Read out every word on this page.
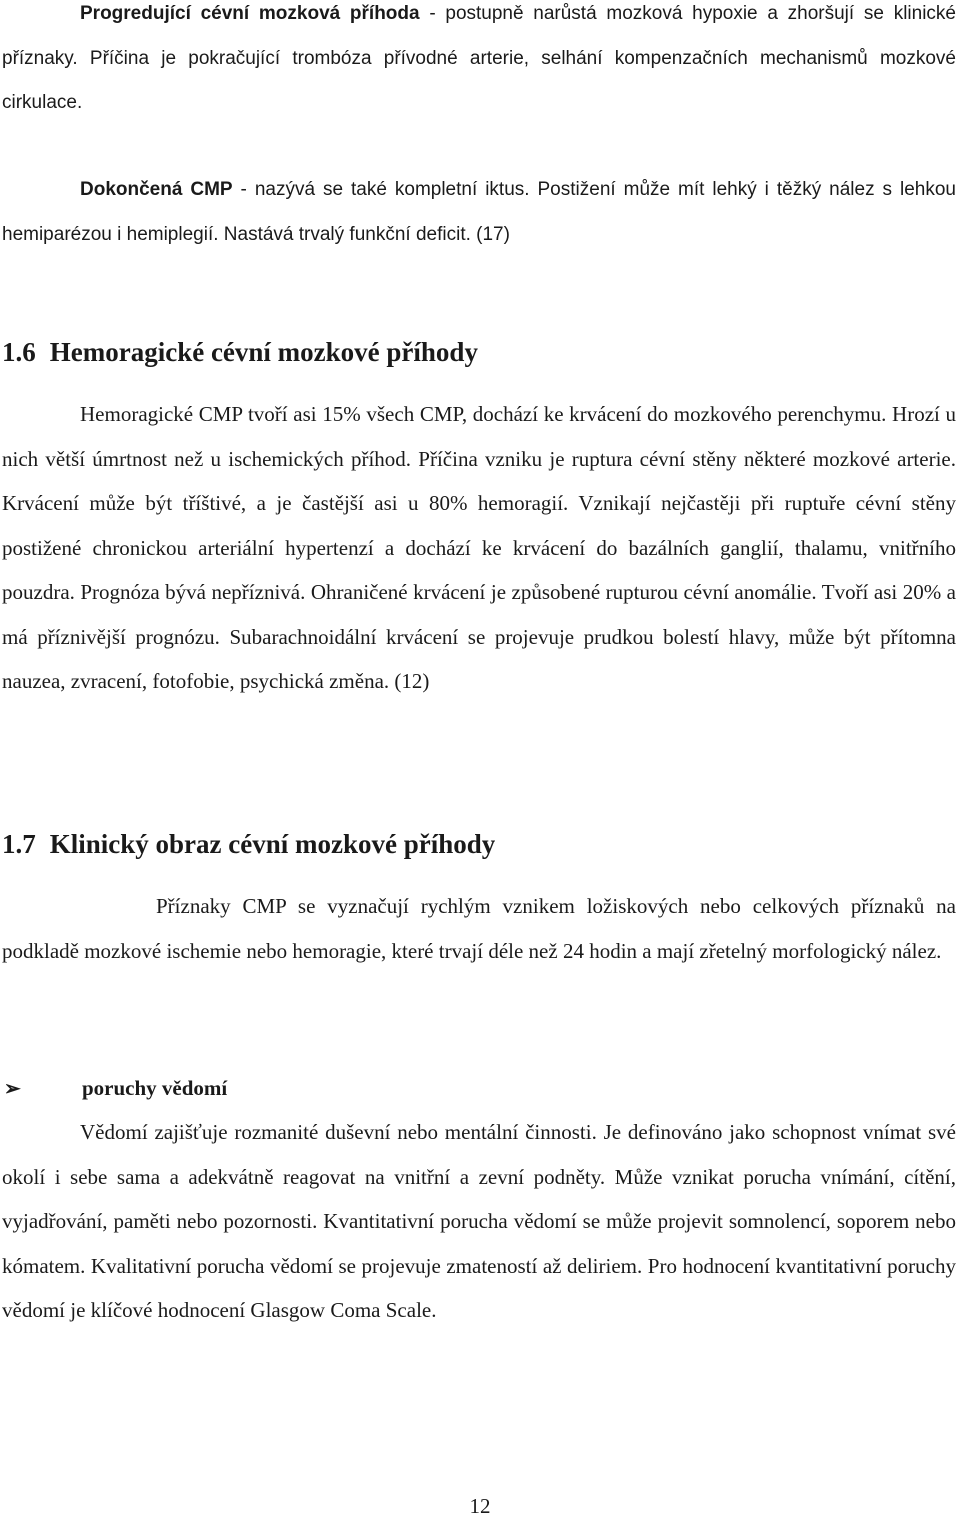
Progredující cévní mozková příhoda - postupně narůstá mozková hypoxie a zhoršují se klinické příznaky. Příčina je pokračující trombóza přívodné arterie, selhání kompenzačních mechanismů mozkové cirkulace.

Dokončená CMP - nazývá se také kompletní iktus. Postižení může mít lehký i těžký nález s lehkou hemiparézou i hemiplegií. Nastává trvalý funkční deficit. (17)

1.6 Hemoragické cévní mozkové příhody

Hemoragické CMP tvoří asi 15% všech CMP, dochází ke krvácení do mozkového perenchymu. Hrozí u nich větší úmrtnost než u ischemických příhod. Příčina vzniku je ruptura cévní stěny některé mozkové arterie. Krvácení může být tříštivé, a je častější asi u 80% hemoragií. Vznikají nejčastěji při ruptuře cévní stěny postižené chronickou arteriální hypertenzí a dochází ke krvácení do bazálních ganglií, thalamu, vnitřního pouzdra. Prognóza bývá nepříznivá. Ohraničené krvácení je způsobené rupturou cévní anomálie. Tvoří asi 20% a má příznivější prognózu. Subarachnoidální krvácení se projevuje prudkou bolestí hlavy, může být přítomna nauzea, zvracení, fotofobie, psychická změna. (12)

1.7 Klinický obraz cévní mozkové příhody

Příznaky CMP se vyznačují rychlým vznikem ložiskových nebo celkových příznaků na podkladě mozkové ischemie nebo hemoragie, které trvají déle než 24 hodin a mají zřetelný morfologický nález.

➢	poruchy vědomí

Vědomí zajišťuje rozmanité duševní nebo mentální činnosti. Je definováno jako schopnost vnímat své okolí i sebe sama a adekvátně reagovat na vnitřní a zevní podněty. Může vznikat porucha vnímání, cítění, vyjadřování, paměti nebo pozornosti. Kvantitativní porucha vědomí se může projevit somnolencí, soporem nebo kómatem. Kvalitativní porucha vědomí se projevuje zmateností až deliriem. Pro hodnocení kvantitativní poruchy vědomí je klíčové hodnocení Glasgow Coma Scale.

12
